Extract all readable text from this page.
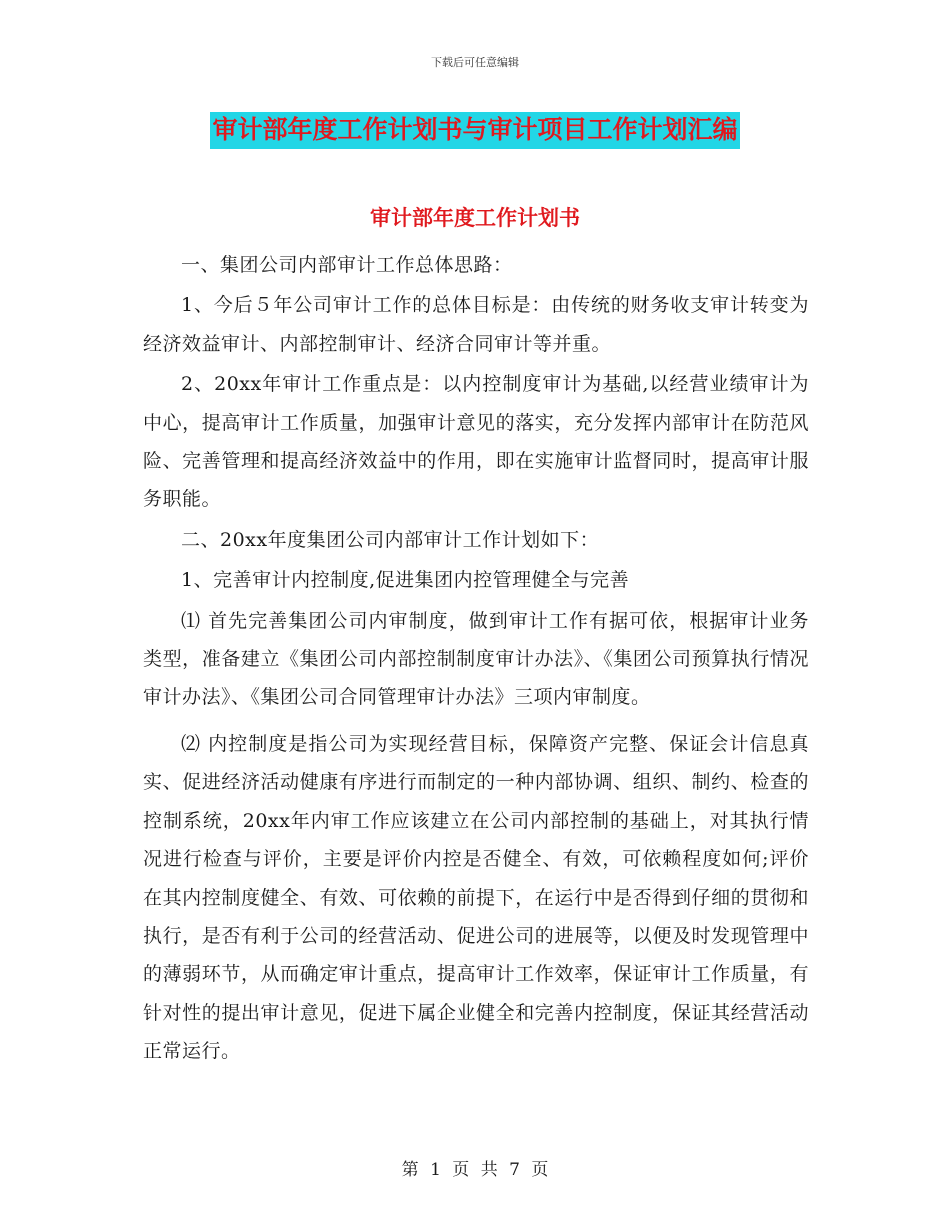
下载后可任意编辑
审计部年度工作计划书与审计项目工作计划汇编
审计部年度工作计划书

一、集团公司内部审计工作总体思路：

1、今后５年公司审计工作的总体目标是：由传统的财务收支审计转变为经济效益审计、内部控制审计、经济合同审计等并重。

2、20xx年审计工作重点是：以内控制度审计为基础,以经营业绩审计为中心，提高审计工作质量，加强审计意见的落实，充分发挥内部审计在防范风险、完善管理和提高经济效益中的作用，即在实施审计监督同时，提高审计服务职能。

二、20xx年度集团公司内部审计工作计划如下：

1、完善审计内控制度,促进集团内控管理健全与完善

⑴ 首先完善集团公司内审制度，做到审计工作有据可依，根据审计业务类型，准备建立《集团公司内部控制制度审计办法》、《集团公司预算执行情况审计办法》、《集团公司合同管理审计办法》三项内审制度。

⑵ 内控制度是指公司为实现经营目标，保障资产完整、保证会计信息真实、促进经济活动健康有序进行而制定的一种内部协调、组织、制约、检查的控制系统，20xx年内审工作应该建立在公司内部控制的基础上，对其执行情况进行检查与评价，主要是评价内控是否健全、有效，可依赖程度如何;评价在其内控制度健全、有效、可依赖的前提下，在运行中是否得到仔细的贯彻和执行，是否有利于公司的经营活动、促进公司的进展等，以便及时发现管理中的薄弱环节，从而确定审计重点，提高审计工作效率，保证审计工作质量，有针对性的提出审计意见，促进下属企业健全和完善内控制度，保证其经营活动正常运行。

第 1 页 共 7 页
